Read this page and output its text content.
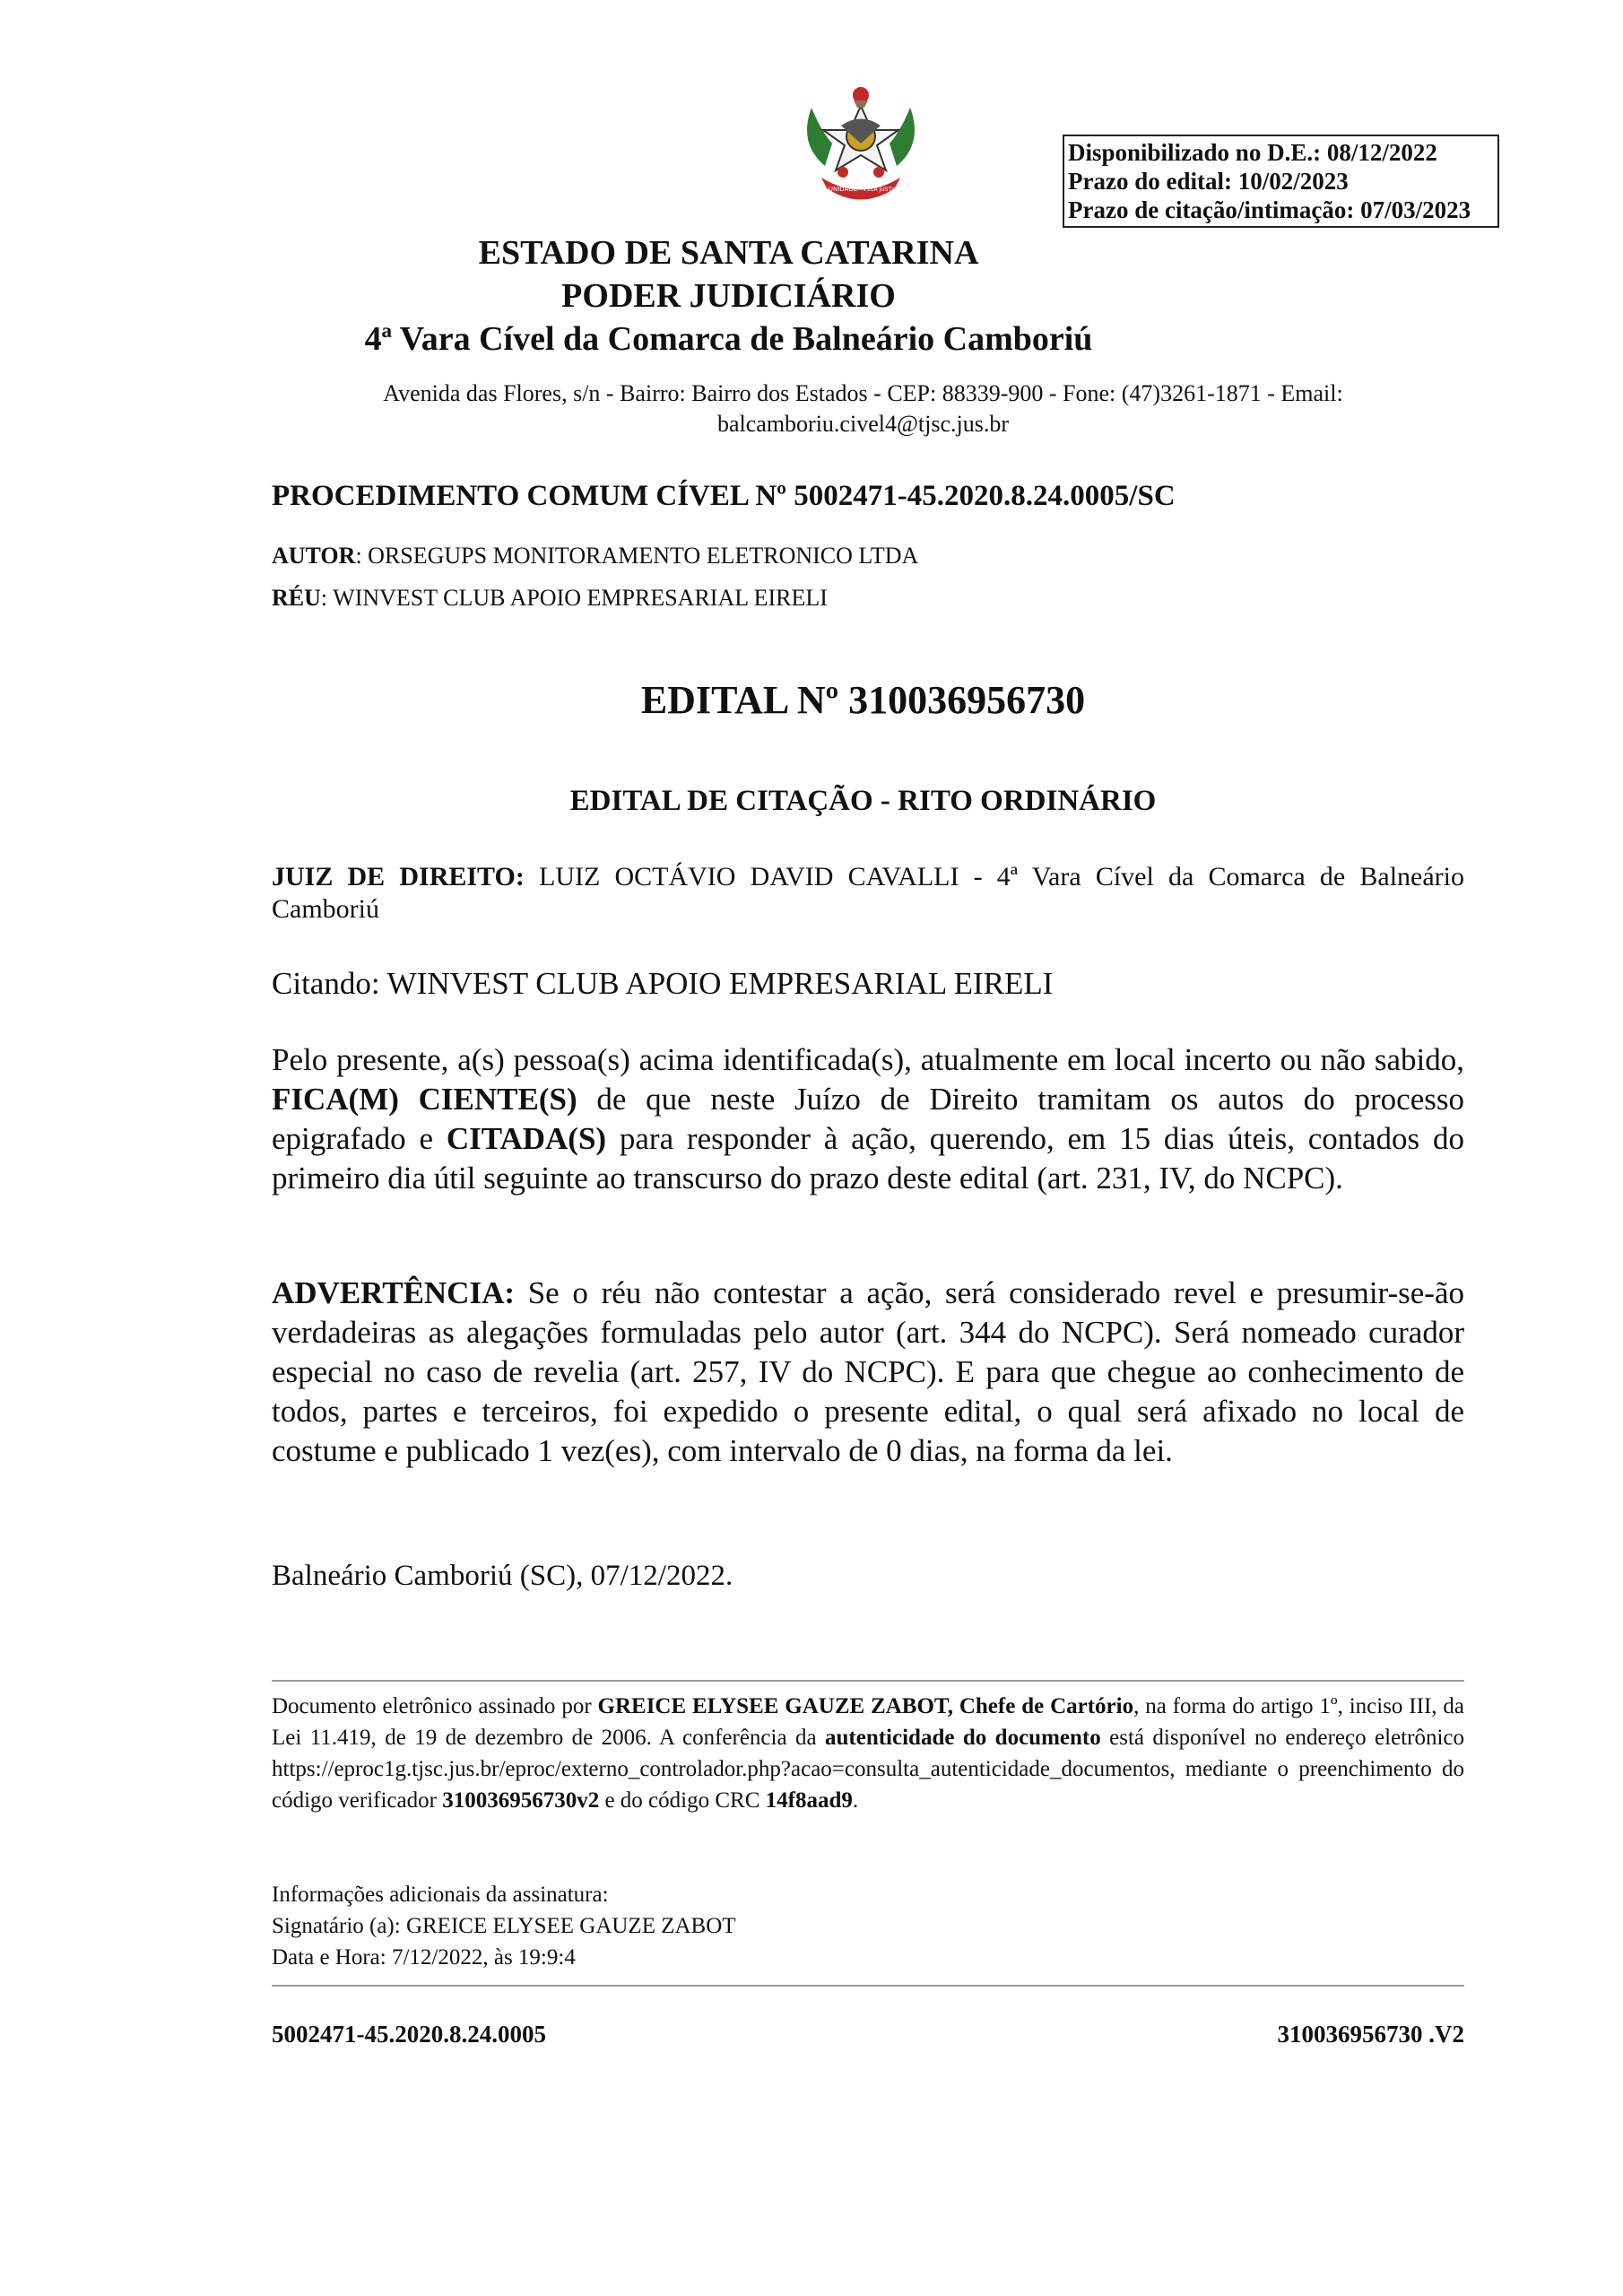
UNIDADE PELA JUSTIÇA
Disponibilizado no D.E.: 08/12/2022
Prazo do edital: 10/02/2023
Prazo de citação/intimação: 07/03/2023
ESTADO DE SANTA CATARINA
PODER JUDICIÁRIO
4ª Vara Cível da Comarca de Balneário Camboriú
Avenida das Flores, s/n - Bairro: Bairro dos Estados - CEP: 88339-900 - Fone: (47)3261-1871 - Email:
balcamboriu.civel4@tjsc.jus.br
PROCEDIMENTO COMUM CÍVEL Nº 5002471-45.2020.8.24.0005/SC
AUTOR: ORSEGUPS MONITORAMENTO ELETRONICO LTDA
RÉU: WINVEST CLUB APOIO EMPRESARIAL EIRELI
EDITAL Nº 310036956730
EDITAL DE CITAÇÃO - RITO ORDINÁRIO
JUIZ DE DIREITO: LUIZ OCTÁVIO DAVID CAVALLI - 4ª Vara Cível da Comarca de Balneário Camboriú
Citando: WINVEST CLUB APOIO EMPRESARIAL EIRELI
Pelo presente, a(s) pessoa(s) acima identificada(s), atualmente em local incerto ou não sabido, FICA(M) CIENTE(S) de que neste Juízo de Direito tramitam os autos do processo epigrafado e CITADA(S) para responder à ação, querendo, em 15 dias úteis, contados do primeiro dia útil seguinte ao transcurso do prazo deste edital (art. 231, IV, do NCPC).
ADVERTÊNCIA: Se o réu não contestar a ação, será considerado revel e presumir-se-ão verdadeiras as alegações formuladas pelo autor (art. 344 do NCPC). Será nomeado curador especial no caso de revelia (art. 257, IV do NCPC). E para que chegue ao conhecimento de todos, partes e terceiros, foi expedido o presente edital, o qual será afixado no local de costume e publicado 1 vez(es), com intervalo de 0 dias, na forma da lei.
Balneário Camboriú (SC), 07/12/2022.
Documento eletrônico assinado por GREICE ELYSEE GAUZE ZABOT, Chefe de Cartório, na forma do artigo 1º, inciso III, da Lei 11.419, de 19 de dezembro de 2006. A conferência da autenticidade do documento está disponível no endereço eletrônico https://eproc1g.tjsc.jus.br/eproc/externo_controlador.php?acao=consulta_autenticidade_documentos, mediante o preenchimento do código verificador 310036956730v2 e do código CRC 14f8aad9.
Informações adicionais da assinatura:
Signatário (a): GREICE ELYSEE GAUZE ZABOT
Data e Hora: 7/12/2022, às 19:9:4
5002471-45.2020.8.24.0005	310036956730 .V2
